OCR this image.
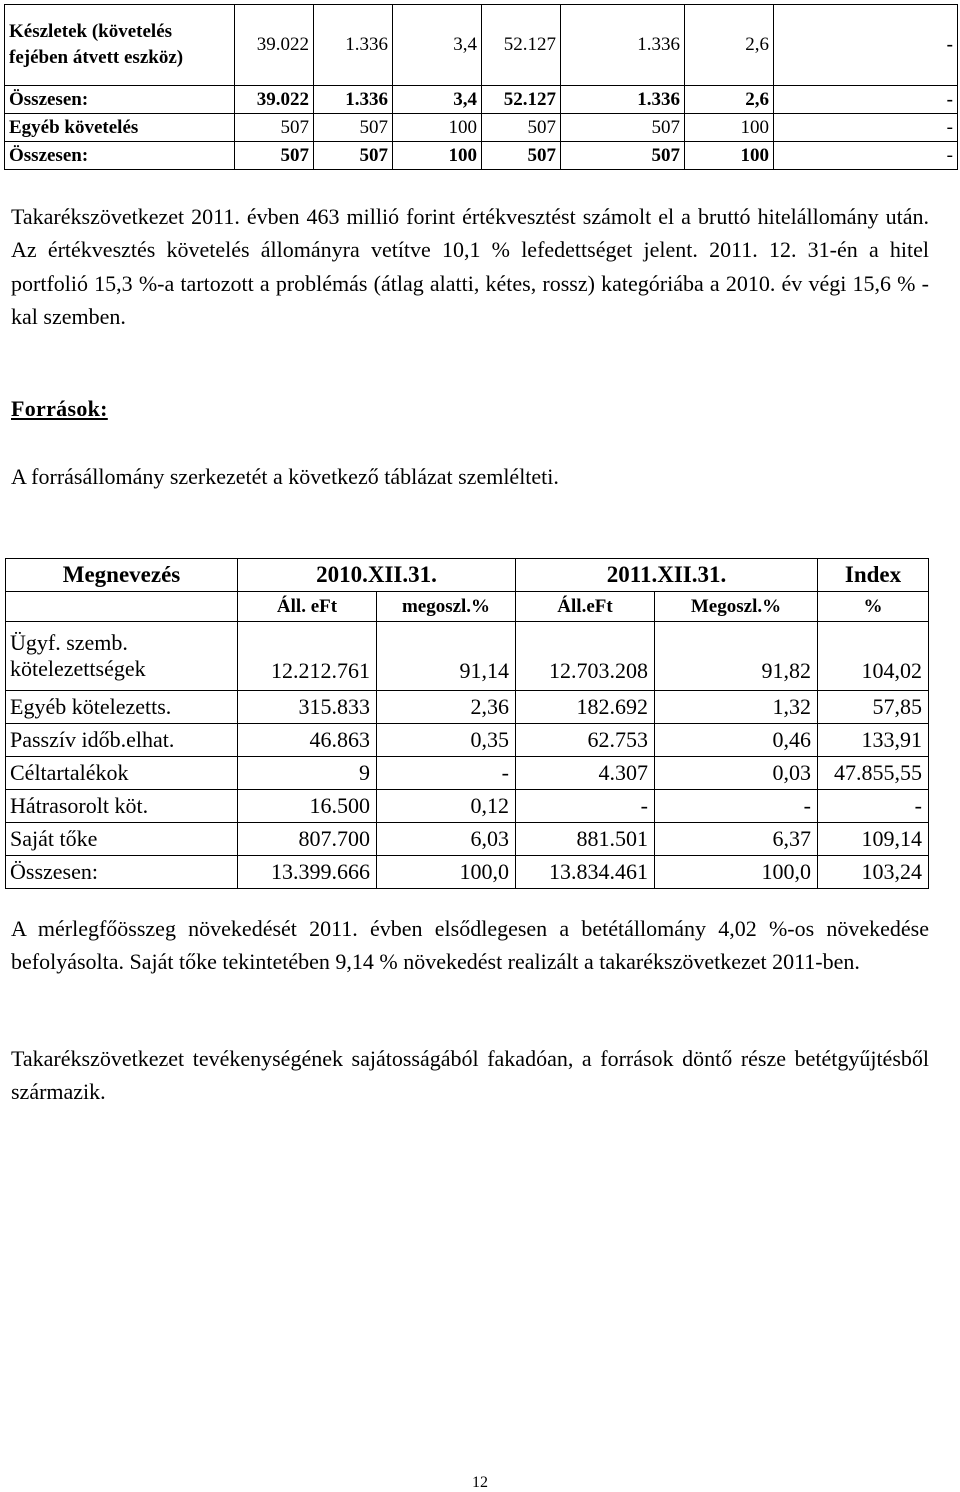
Készletek (követelés fejében átvett eszköz)	39.022	1.336	3,4	52.127	1.336	2,6	-
Összesen:	39.022	1.336	3,4	52.127	1.336	2,6	-
Egyéb követelés	507	507	100	507	507	100	-
Összesen:	507	507	100	507	507	100	-

Takarékszövetkezet 2011. évben 463 millió forint értékvesztést számolt el a bruttó hitelállomány után. Az értékvesztés követelés állományra vetítve 10,1 % lefedettséget jelent. 2011. 12. 31-én a hitel portfolió 15,3 %-a tartozott a problémás (átlag alatti, kétes, rossz) kategóriába a 2010. év végi 15,6 % - kal szemben.

Források:

A forrásállomány szerkezetét a következő táblázat szemlélteti.

Megnevezés	2010.XII.31.		2011.XII.31.		Index
	Áll. eFt	megoszl.%	Áll.eFt	Megoszl.%	%
Ügyf. szemb. kötelezettségek	12.212.761	91,14	12.703.208	91,82	104,02
Egyéb kötelezetts.	315.833	2,36	182.692	1,32	57,85
Passzív időb.elhat.	46.863	0,35	62.753	0,46	133,91
Céltartalékok	9	-	4.307	0,03	47.855,55
Hátrasorolt köt.	16.500	0,12	-	-	-
Saját tőke	807.700	6,03	881.501	6,37	109,14
Összesen:	13.399.666	100,0	13.834.461	100,0	103,24

A mérlegfőösszeg növekedését 2011. évben elsődlegesen a betétállomány 4,02 %-os növekedése befolyásolta. Saját tőke tekintetében 9,14 % növekedést realizált a takarékszövetkezet 2011-ben.

Takarékszövetkezet tevékenységének sajátosságából fakadóan, a források döntő része betétgyűjtésből származik.

12
